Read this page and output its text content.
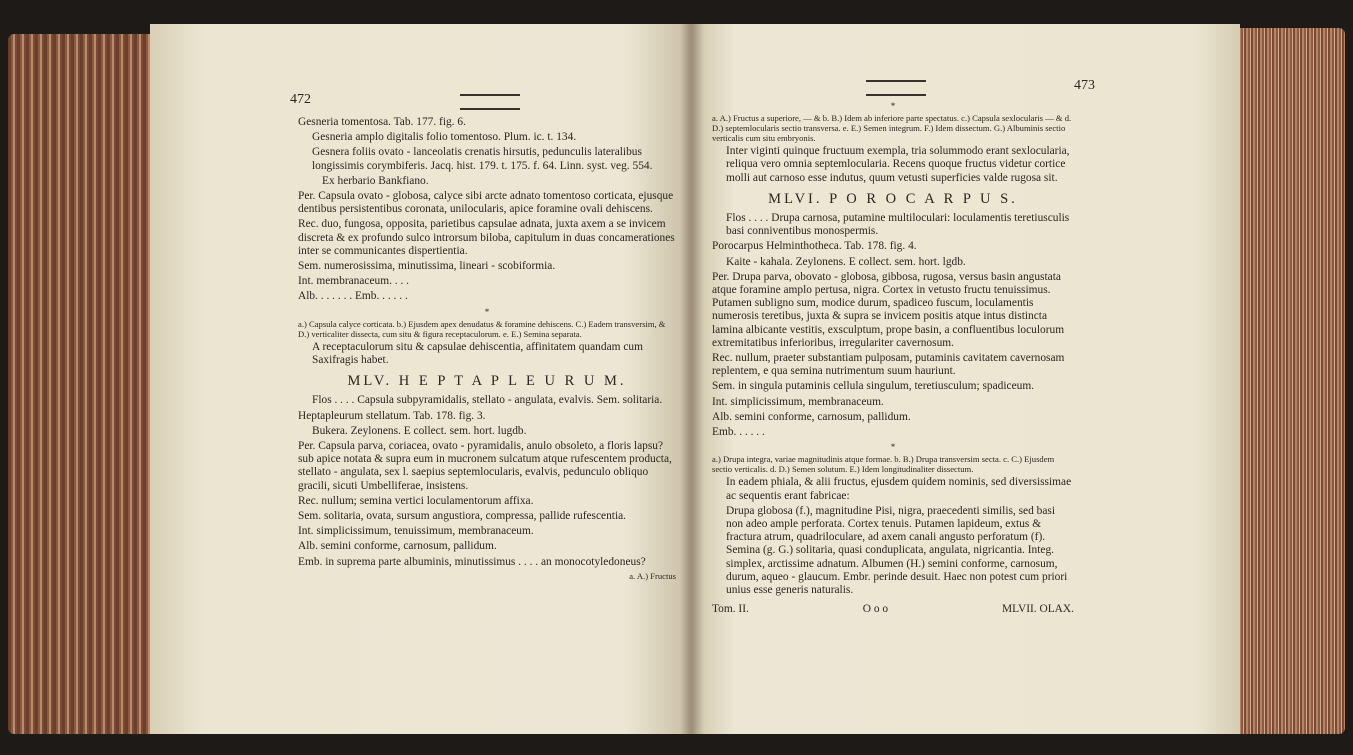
472
473

Gesneria tomentosa. Tab. 177. fig. 6.

Gesneria amplo digitalis folio tomentoso. Plum. ic. t. 134.

Gesnera foliis ovato - lanceolatis crenatis hirsutis, pedunculis lateralibus longissimis corymbiferis. Jacq. hist. 179. t. 175. f. 64. Linn. syst. veg. 554.

Ex herbario Bankfiano.

Per. Capsula ovato - globosa, calyce sibi arcte adnato tomentoso corticata, ejusque dentibus persistentibus coronata, unilocularis, apice foramine ovali dehiscens.

Rec. duo, fungosa, opposita, parietibus capsulae adnata, juxta axem a se invicem discreta & ex profundo sulco introrsum biloba, capitulum in duas concamerationes inter se communicantes dispertientia.

Sem. numerosissima, minutissima, lineari - scobiformia.

Int. membranaceum. . . .

Alb. . . . . . . Emb. . . . . .

*

a.) Capsula calyce corticata. b.) Ejusdem apex denudatus & foramine dehiscens. C.) Eadem transversim, & D.) verticaliter dissecta, cum situ & figura receptaculorum. e. E.) Semina separata.

A receptaculorum situ & capsulae dehiscentia, affinitatem quandam cum Saxifragis habet.

MLV. H E P T A P L E U R U M.

Flos . . . . Capsula subpyramidalis, stellato - angulata, evalvis. Sem. solitaria.

Heptapleurum stellatum. Tab. 178. fig. 3.

Bukera. Zeylonens. E collect. sem. hort. lugdb.

Per. Capsula parva, coriacea, ovato - pyramidalis, anulo obsoleto, a floris lapsu? sub apice notata & supra eum in mucronem sulcatum atque rufescentem producta, stellato - angulata, sex l. saepius septemlocularis, evalvis, pedunculo obliquo gracili, sicuti Umbelliferae, insistens.

Rec. nullum; semina vertici loculamentorum affixa.

Sem. solitaria, ovata, sursum angustiora, compressa, pallide rufescentia.

Int. simplicissimum, tenuissimum, membranaceum.

Alb. semini conforme, carnosum, pallidum.

Emb. in suprema parte albuminis, minutissimus . . . . an monocotyledoneus?

a. A.) Fructus

*

a. A.) Fructus a superiore, — & b. B.) Idem ab inferiore parte spectatus. c.) Capsula sexlocularis — & d. D.) septemlocularis sectio transversa. e. E.) Semen integrum. F.) Idem dissectum. G.) Albuminis sectio verticalis cum situ embryonis.

Inter viginti quinque fructuum exempla, tria solummodo erant sexlocularia, reliqua vero omnia septemlocularia. Recens quoque fructus videtur cortice molli aut carnoso esse indutus, quum vetusti superficies valde rugosa sit.

MLVI. P O R O C A R P U S.

Flos . . . . Drupa carnosa, putamine multiloculari: loculamentis teretiusculis basi conniventibus monospermis.

Porocarpus Helminthotheca. Tab. 178. fig. 4.

Kaite - kahala. Zeylonens. E collect. sem. hort. lgdb.

Per. Drupa parva, obovato - globosa, gibbosa, rugosa, versus basin angustata atque foramine amplo pertusa, nigra. Cortex in vetusto fructu tenuissimus. Putamen subligno sum, modice durum, spadiceo fuscum, loculamentis numerosis teretibus, juxta & supra se invicem positis atque intus distincta lamina albicante vestitis, exsculptum, prope basin, a confluentibus loculorum extremitatibus inferioribus, irregulariter cavernosum.

Rec. nullum, praeter substantiam pulposam, putaminis cavitatem cavernosam replentem, e qua semina nutrimentum suum hauriunt.

Sem. in singula putaminis cellula singulum, teretiusculum; spadiceum.

Int. simplicissimum, membranaceum.

Alb. semini conforme, carnosum, pallidum.

Emb. . . . . .

*

a.) Drupa integra, variae magnitudinis atque formae. b. B.) Drupa transversim secta. c. C.) Ejusdem sectio verticalis. d. D.) Semen solutum. E.) Idem longitudinaliter dissectum.

In eadem phiala, & alii fructus, ejusdem quidem nominis, sed diversissimae ac sequentis erant fabricae:

Drupa globosa (f.), magnitudine Pisi, nigra, praecedenti similis, sed basi non adeo ample perforata. Cortex tenuis. Putamen lapideum, extus & fractura atrum, quadriloculare, ad axem canali angusto perforatum (f). Semina (g. G.) solitaria, quasi conduplicata, angulata, nigricantia. Integ. simplex, arctissime adnatum. Albumen (H.) semini conforme, carnosum, durum, aqueo - glaucum. Embr. perinde desuit. Haec non potest cum priori unius esse generis naturalis.

Tom. II.	O o o	MLVII. OLAX.
